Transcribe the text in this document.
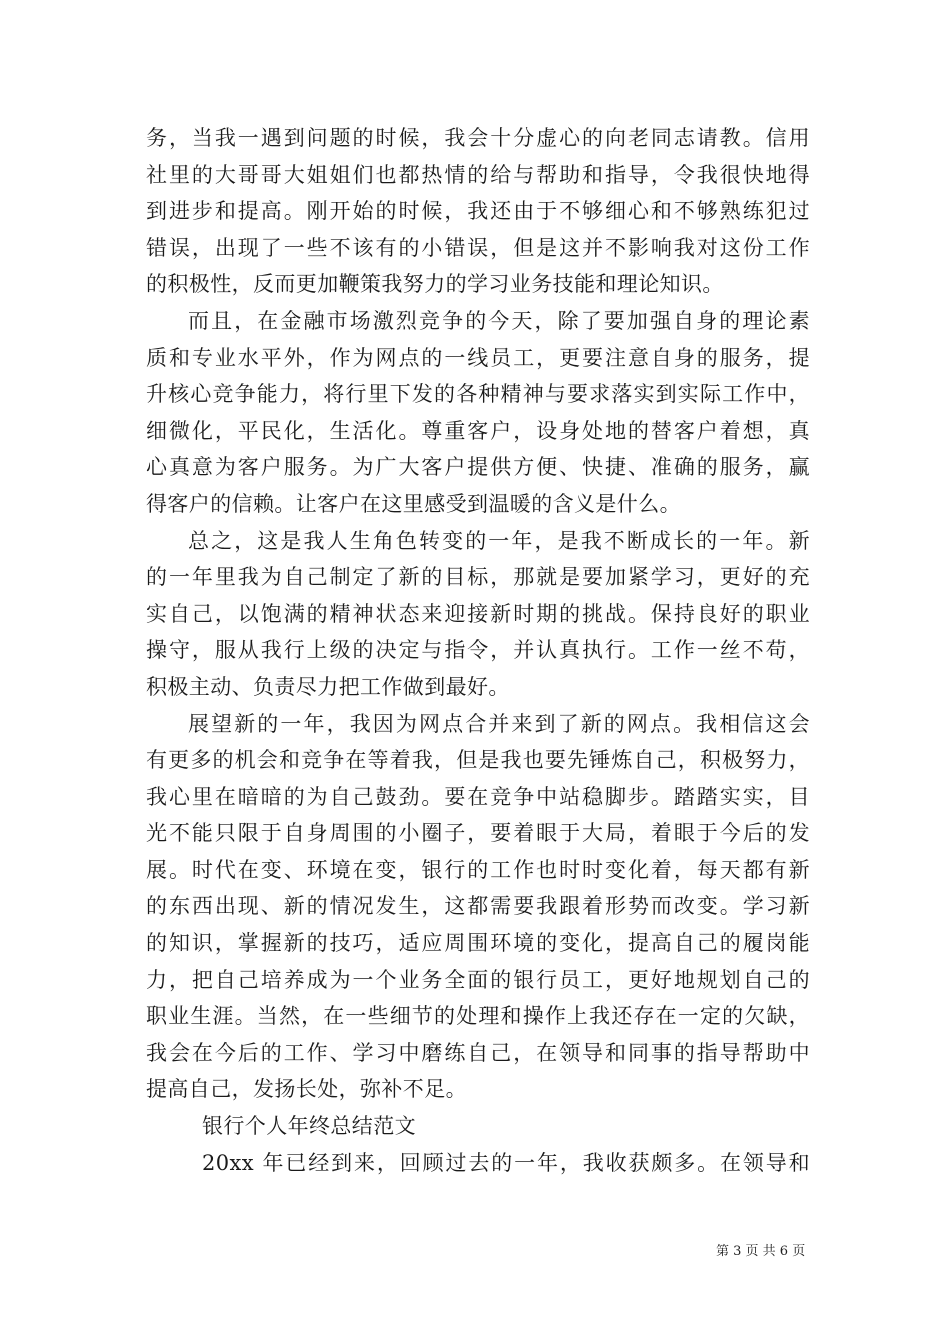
务，当我一遇到问题的时候，我会十分虚心的向老同志请教。信用
社里的大哥哥大姐姐们也都热情的给与帮助和指导，令我很快地得
到进步和提高。刚开始的时候，我还由于不够细心和不够熟练犯过
错误，出现了一些不该有的小错误，但是这并不影响我对这份工作
的积极性，反而更加鞭策我努力的学习业务技能和理论知识。
而且，在金融市场激烈竞争的今天，除了要加强自身的理论素
质和专业水平外，作为网点的一线员工，更要注意自身的服务，提
升核心竞争能力，将行里下发的各种精神与要求落实到实际工作中，
细微化，平民化，生活化。尊重客户，设身处地的替客户着想，真
心真意为客户服务。为广大客户提供方便、快捷、准确的服务，赢
得客户的信赖。让客户在这里感受到温暖的含义是什么。
总之，这是我人生角色转变的一年，是我不断成长的一年。新
的一年里我为自己制定了新的目标，那就是要加紧学习，更好的充
实自己，以饱满的精神状态来迎接新时期的挑战。保持良好的职业
操守，服从我行上级的决定与指令，并认真执行。工作一丝不苟，
积极主动、负责尽力把工作做到最好。
展望新的一年，我因为网点合并来到了新的网点。我相信这会
有更多的机会和竞争在等着我，但是我也要先锤炼自己，积极努力，
我心里在暗暗的为自己鼓劲。要在竞争中站稳脚步。踏踏实实，目
光不能只限于自身周围的小圈子，要着眼于大局，着眼于今后的发
展。时代在变、环境在变，银行的工作也时时变化着，每天都有新
的东西出现、新的情况发生，这都需要我跟着形势而改变。学习新
的知识，掌握新的技巧，适应周围环境的变化，提高自己的履岗能
力，把自己培养成为一个业务全面的银行员工，更好地规划自己的
职业生涯。当然，在一些细节的处理和操作上我还存在一定的欠缺，
我会在今后的工作、学习中磨练自己，在领导和同事的指导帮助中
提高自己，发扬长处，弥补不足。
银行个人年终总结范文
20xx 年已经到来，回顾过去的一年，我收获颇多。在领导和
第 3 页 共 6 页
